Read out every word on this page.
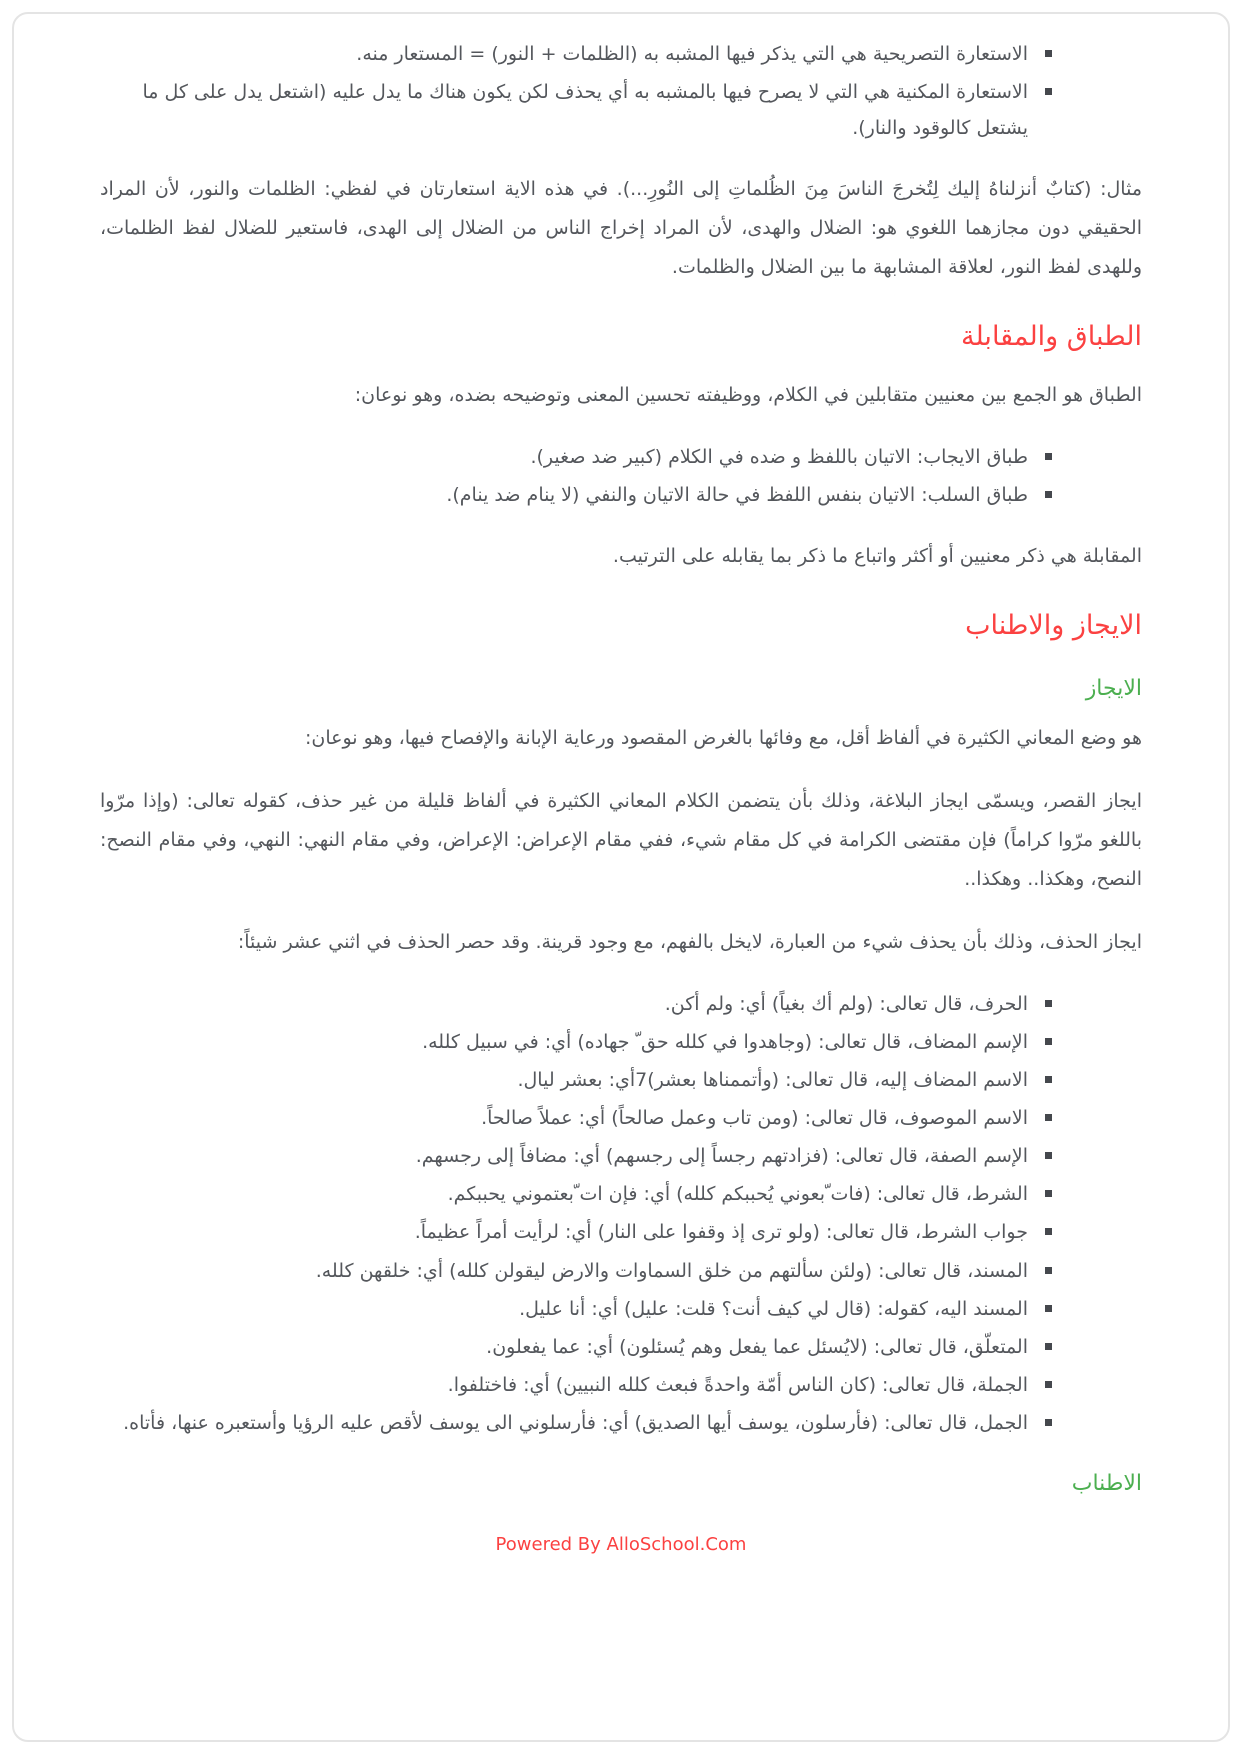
الاستعارة التصريحية هي التي يذكر فيها المشبه به (الظلمات + النور) = المستعار منه.
الاستعارة المكنية هي التي لا يصرح فيها بالمشبه به أي يحذف لكن يكون هناك ما يدل عليه (اشتعل يدل على كل ما يشتعل كالوقود والنار).

مثال: (كتابٌ أنزلناهُ إليك لِتُخرجَ الناسَ مِنَ الظُلماتِ إلى النُورِ...). في هذه الاية استعارتان في لفظي: الظلمات والنور، لأن المراد الحقيقي دون مجازهما اللغوي هو: الضلال والهدى، لأن المراد إخراج الناس من الضلال إلى الهدى، فاستعير للضلال لفظ الظلمات، وللهدى لفظ النور، لعلاقة المشابهة ما بين الضلال والظلمات.

الطباق والمقابلة

الطباق هو الجمع بين معنيين متقابلين في الكلام، ووظيفته تحسين المعنى وتوضيحه بضده، وهو نوعان:

طباق الايجاب: الاتيان باللفظ و ضده في الكلام (كبير ضد صغير).
طباق السلب: الاتيان بنفس اللفظ في حالة الاتيان والنفي (لا ينام ضد ينام).

المقابلة هي ذكر معنيين أو أكثر واتباع ما ذكر بما يقابله على الترتيب.

الايجاز والاطناب
الايجاز

هو وضع المعاني الكثيرة في ألفاظ أقل، مع وفائها بالغرض المقصود ورعاية الإبانة والإفصاح فيها، وهو نوعان:

ايجاز القصر، ويسمّى ايجاز البلاغة، وذلك بأن يتضمن الكلام المعاني الكثيرة في ألفاظ قليلة من غير حذف، كقوله تعالى: (وإذا مرّوا باللغو مرّوا كراماً) فإن مقتضى الكرامة في كل مقام شيء، ففي مقام الإعراض: الإعراض، وفي مقام النهي: النهي، وفي مقام النصح: النصح، وهكذا.. وهكذا..

ايجاز الحذف، وذلك بأن يحذف شيء من العبارة، لايخل بالفهم، مع وجود قرينة. وقد حصر الحذف في اثني عشر شيئاً:

الحرف، قال تعالى: (ولم أك بغياً) أي: ولم أكن.
الإسم المضاف، قال تعالى: (وجاهدوا في كلله حق ّ جهاده) أي: في سبيل كلله.
الاسم المضاف إليه، قال تعالى: (وأتممناها بعشر)7أي: بعشر ليال.
الاسم الموصوف، قال تعالى: (ومن تاب وعمل صالحاً) أي: عملاً صالحاً.
الإسم الصفة، قال تعالى: (فزادتهم رجساً إلى رجسهم) أي: مضافاً إلى رجسهم.
الشرط، قال تعالى: (فات ّبعوني يُحببكم كلله) أي: فإن ات ّبعتموني يحببكم.
جواب الشرط، قال تعالى: (ولو ترى إذ وقفوا على النار) أي: لرأيت أمراً عظيماً.
المسند، قال تعالى: (ولئن سألتهم من خلق السماوات والارض ليقولن كلله) أي: خلقهن كلله.
المسند اليه، كقوله: (قال لي كيف أنت؟ قلت: عليل) أي: أنا عليل.
المتعلّق، قال تعالى: (لايُسئل عما يفعل وهم يُسئلون) أي: عما يفعلون.
الجملة، قال تعالى: (كان الناس أمّة واحدةً فبعث كلله النبيين) أي: فاختلفوا.
الجمل، قال تعالى: (فأرسلون، يوسف أيها الصديق) أي: فأرسلوني الى يوسف لأقص عليه الرؤيا وأستعبره عنها، فأتاه.
الاطناب
Powered By AlloSchool.Com
